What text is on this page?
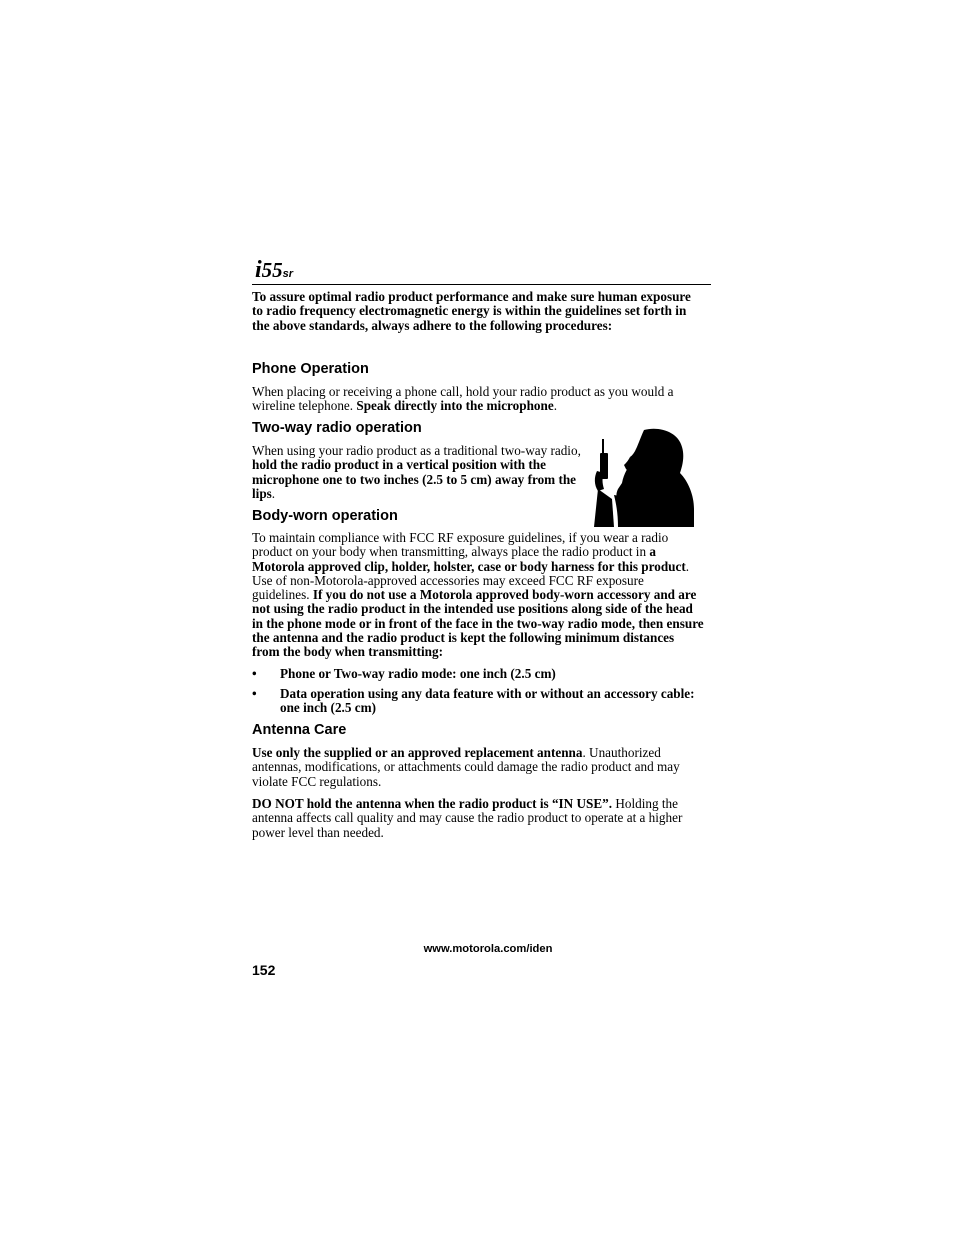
i55sr

To assure optimal radio product performance and make sure human exposure to radio frequency electromagnetic energy is within the guidelines set forth in the above standards, always adhere to the following procedures:

Phone Operation

When placing or receiving a phone call, hold your radio product as you would a wireline telephone. Speak directly into the microphone.

Two-way radio operation

When using your radio product as a traditional two-way radio, hold the radio product in a vertical position with the microphone one to two inches (2.5 to 5 cm) away from the lips.

Body-worn operation

To maintain compliance with FCC RF exposure guidelines, if you wear a radio product on your body when transmitting, always place the radio product in a Motorola approved clip, holder, holster, case or body harness for this product. Use of non-Motorola-approved accessories may exceed FCC RF exposure guidelines. If you do not use a Motorola approved body-worn accessory and are not using the radio product in the intended use positions along side of the head in the phone mode or in front of the face in the two-way radio mode, then ensure the antenna and the radio product is kept the following minimum distances from the body when transmitting:

• Phone or Two-way radio mode: one inch (2.5 cm)
• Data operation using any data feature with or without an accessory cable: one inch (2.5 cm)
Antenna Care

Use only the supplied or an approved replacement antenna. Unauthorized antennas, modifications, or attachments could damage the radio product and may violate FCC regulations.

DO NOT hold the antenna when the radio product is “IN USE”. Holding the antenna affects call quality and may cause the radio product to operate at a higher power level than needed.

www.motorola.com/iden
152
